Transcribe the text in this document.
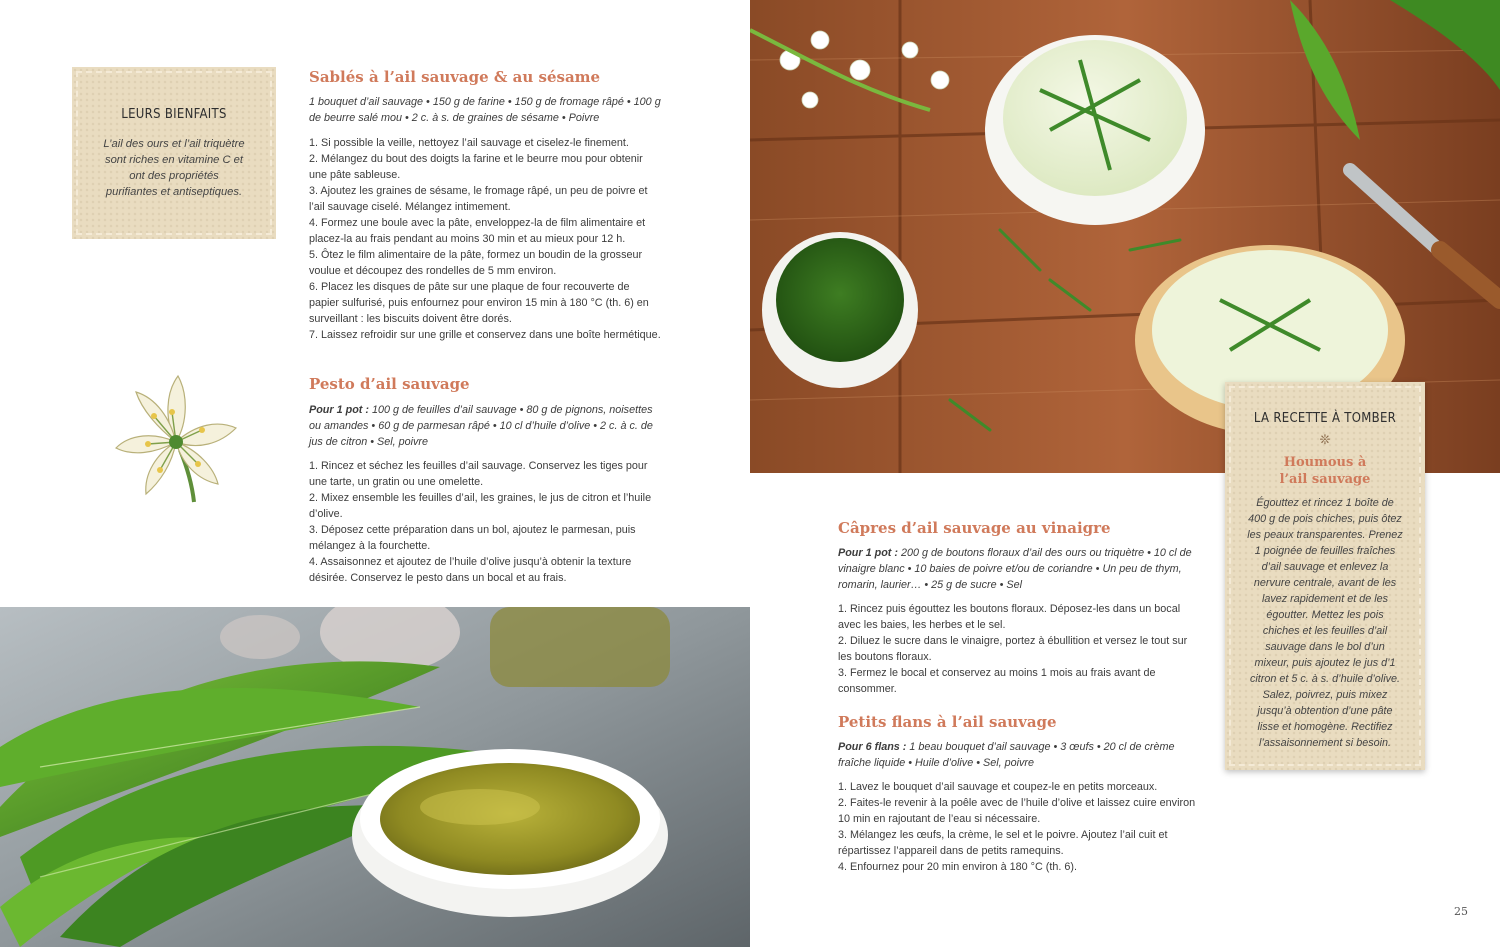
LEURS BIENFAITS
L’ail des ours et l’ail triquètre sont riches en vitamine C et ont des propriétés purifiantes et antiseptiques.
Sablés à l’ail sauvage & au sésame

1 bouquet d’ail sauvage • 150 g de farine • 150 g de fromage râpé • 100 g de beurre salé mou • 2 c. à s. de graines de sésame • Poivre

1. Si possible la veille, nettoyez l’ail sauvage et ciselez-le finement.

2. Mélangez du bout des doigts la farine et le beurre mou pour obtenir une pâte sableuse.

3. Ajoutez les graines de sésame, le fromage râpé, un peu de poivre et l’ail sauvage ciselé. Mélangez intimement.

4. Formez une boule avec la pâte, enveloppez-la de film alimentaire et placez-la au frais pendant au moins 30 min et au mieux pour 12 h.

5. Ôtez le film alimentaire de la pâte, formez un boudin de la grosseur voulue et découpez des rondelles de 5 mm environ.

6. Placez les disques de pâte sur une plaque de four recouverte de papier sulfurisé, puis enfournez pour environ 15 min à 180 °C (th. 6) en surveillant : les biscuits doivent être dorés.

7. Laissez refroidir sur une grille et conservez dans une boîte hermétique.

Pesto d’ail sauvage

Pour 1 pot : 100 g de feuilles d’ail sauvage • 80 g de pignons, noisettes ou amandes • 60 g de parmesan râpé • 10 cl d’huile d’olive • 2 c. à c. de jus de citron • Sel, poivre

1. Rincez et séchez les feuilles d’ail sauvage. Conservez les tiges pour une tarte, un gratin ou une omelette.

2. Mixez ensemble les feuilles d’ail, les graines, le jus de citron et l’huile d’olive.

3. Déposez cette préparation dans un bol, ajoutez le parmesan, puis mélangez à la fourchette.

4. Assaisonnez et ajoutez de l’huile d’olive jusqu’à obtenir la texture désirée. Conservez le pesto dans un bocal et au frais.

Câpres d’ail sauvage au vinaigre

Pour 1 pot : 200 g de boutons floraux d’ail des ours ou triquètre • 10 cl de vinaigre blanc • 10 baies de poivre et/ou de coriandre • Un peu de thym, romarin, laurier… • 25 g de sucre • Sel

1. Rincez puis égouttez les boutons floraux. Déposez-les dans un bocal avec les baies, les herbes et le sel.

2. Diluez le sucre dans le vinaigre, portez à ébullition et versez le tout sur les boutons floraux.

3. Fermez le bocal et conservez au moins 1 mois au frais avant de consommer.

Petits flans à l’ail sauvage

Pour 6 flans : 1 beau bouquet d’ail sauvage • 3 œufs • 20 cl de crème fraîche liquide • Huile d’olive • Sel, poivre

1. Lavez le bouquet d’ail sauvage et coupez-le en petits morceaux.

2. Faites-le revenir à la poêle avec de l’huile d’olive et laissez cuire environ 10 min en rajoutant de l’eau si nécessaire.

3. Mélangez les œufs, la crème, le sel et le poivre. Ajoutez l’ail cuit et répartissez l’appareil dans de petits ramequins.

4. Enfournez pour 20 min environ à 180 °C (th. 6).

LA RECETTE À TOMBER
❊
Houmous à l’ail sauvage
Égouttez et rincez 1 boîte de 400 g de pois chiches, puis ôtez les peaux transparentes. Prenez 1 poignée de feuilles fraîches d’ail sauvage et enlevez la nervure centrale, avant de les lavez rapidement et de les égoutter. Mettez les pois chiches et les feuilles d’ail sauvage dans le bol d’un mixeur, puis ajoutez le jus d’1 citron et 5 c. à s. d’huile d’olive. Salez, poivrez, puis mixez jusqu’à obtention d’une pâte lisse et homogène. Rectifiez l’assaisonnement si besoin.
25
